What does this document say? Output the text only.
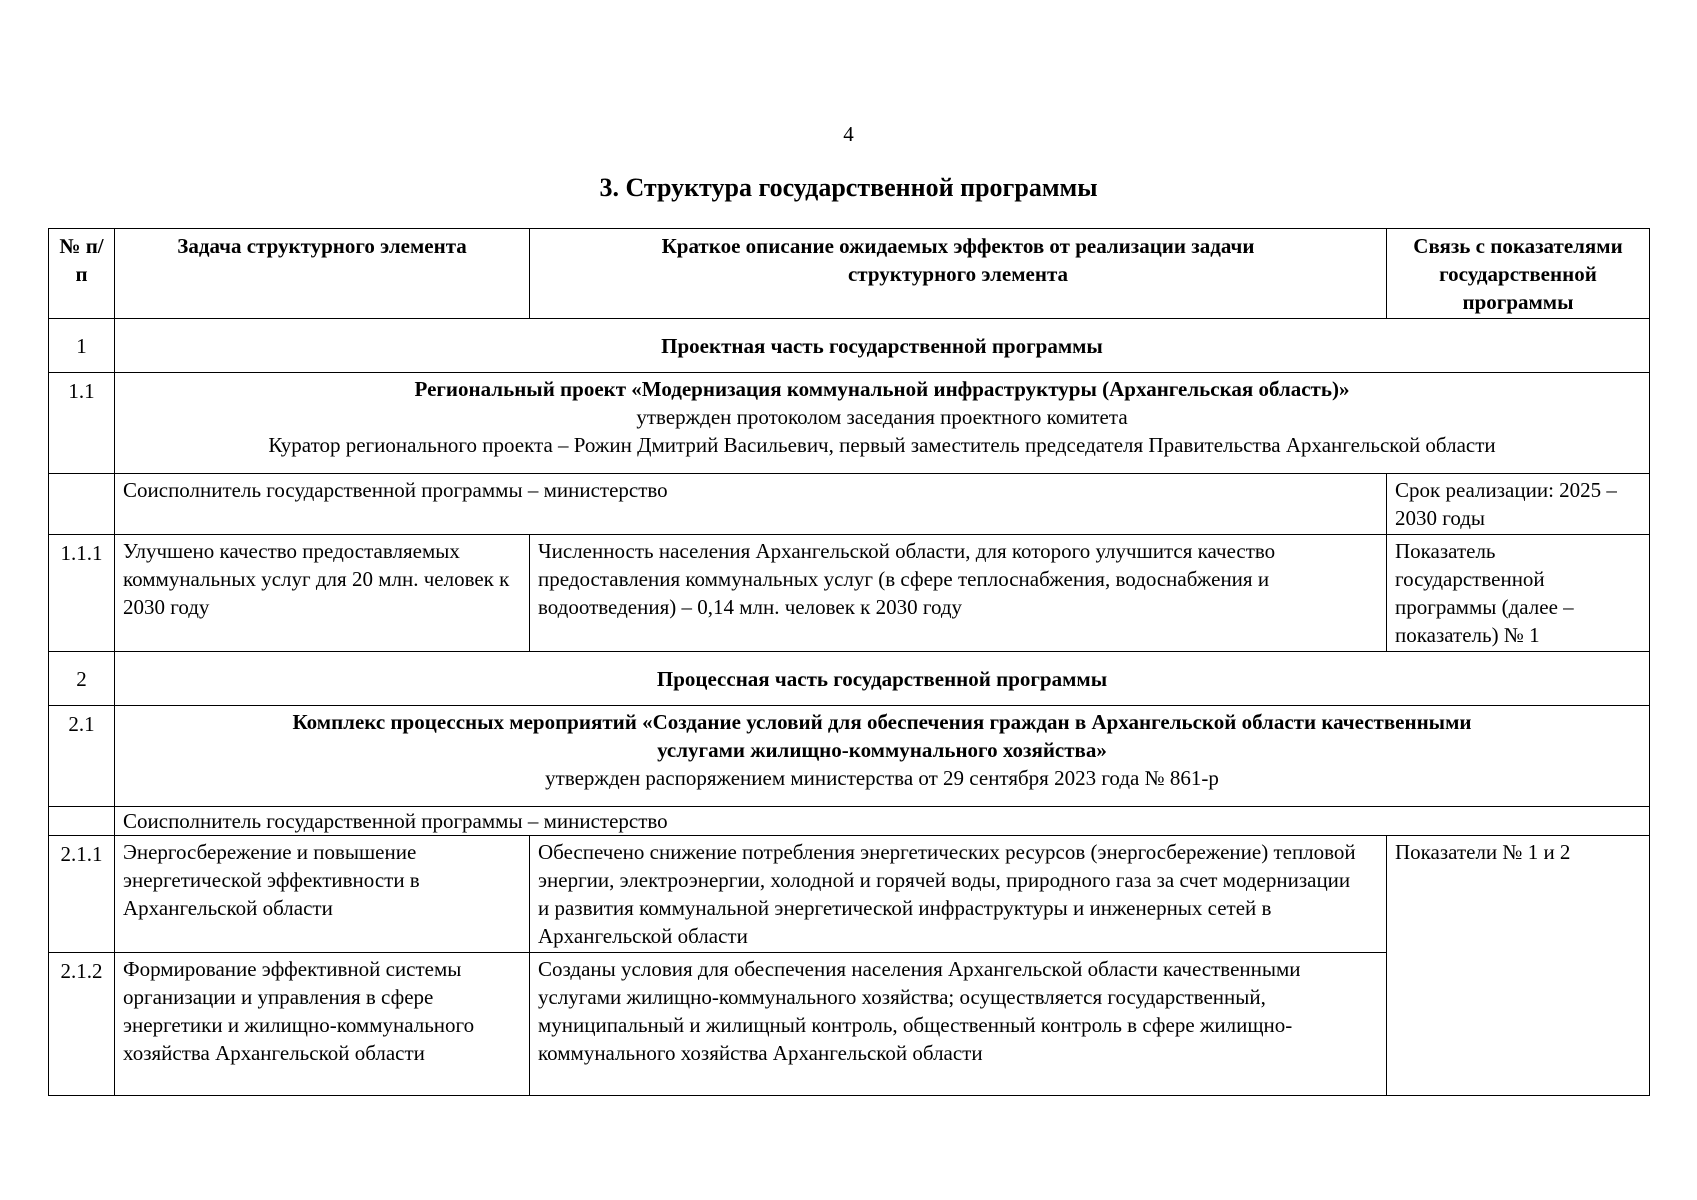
4
3. Структура государственной программы
№ п/п	Задача структурного элемента	Краткое описание ожидаемых эффектов от реализации задачи структурного элемента	Связь с показателями государственной программы
1	Проектная часть государственной программы		
1.1	Региональный проект «Модернизация коммунальной инфраструктуры (Архангельская область)»
утвержден протоколом заседания проектного комитета
Куратор регионального проекта – Рожин Дмитрий Васильевич, первый заместитель председателя Правительства Архангельской области		

	Соисполнитель государственной программы – министерство		Срок реализации: 2025 – 2030 годы
1.1.1	Улучшено качество предоставляемых коммунальных услуг для 20 млн. человек к 2030 году	Численность населения Архангельской области, для которого улучшится качество предоставления коммунальных услуг (в сфере теплоснабжения, водоснабжения и водоотведения) – 0,14 млн. человек к 2030 году	Показатель государственной программы (далее – показатель) № 1
2	Процессная часть государственной программы		
2.1	Комплекс процессных мероприятий «Создание условий для обеспечения граждан в Архангельской области качественными услугами жилищно-коммунального хозяйства»
утвержден распоряжением министерства от 29 сентября 2023 года № 861-р		

	Соисполнитель государственной программы – министерство		
2.1.1	Энергосбережение и повышение энергетической эффективности в Архангельской области	Обеспечено снижение потребления энергетических ресурсов (энергосбережение) тепловой энергии, электроэнергии, холодной и горячей воды, природного газа за счет модернизации и развития коммунальной энергетической инфраструктуры и инженерных сетей в Архангельской области	Показатели № 1 и 2
2.1.2	Формирование эффективной системы организации и управления в сфере энергетики и жилищно-коммунального хозяйства Архангельской области	Созданы условия для обеспечения населения Архангельской области качественными услугами жилищно-коммунального хозяйства; осуществляется государственный, муниципальный и жилищный контроль, общественный контроль в сфере жилищно-коммунального хозяйства Архангельской области	
